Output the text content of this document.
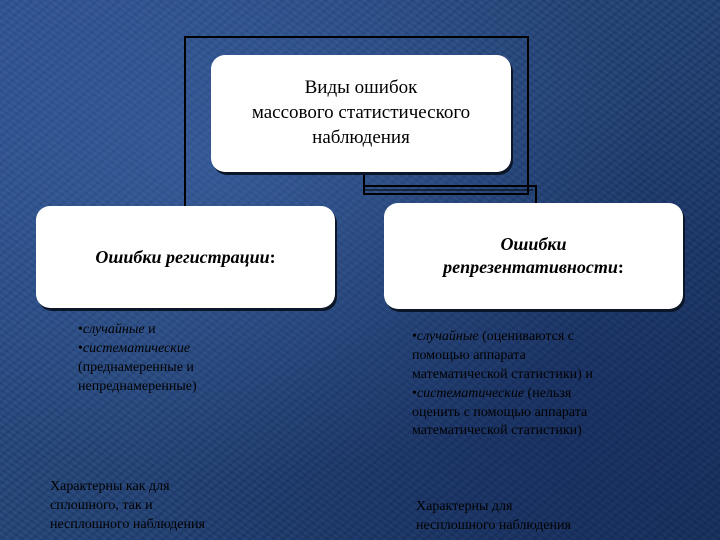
Виды ошибок
массового статистического
наблюдения
Ошибки регистрации:
Ошибки
репрезентативности:
•случайные и
•систематические
(преднамеренные и
непреднамеренные)
•случайные (оцениваются с
помощью аппарата
математической статистики) и
•систематические (нельзя
оценить с помощью аппарата
математической статистики)
Характерны как для
сплошного, так и
несплошного наблюдения
Характерны для
несплошного наблюдения
